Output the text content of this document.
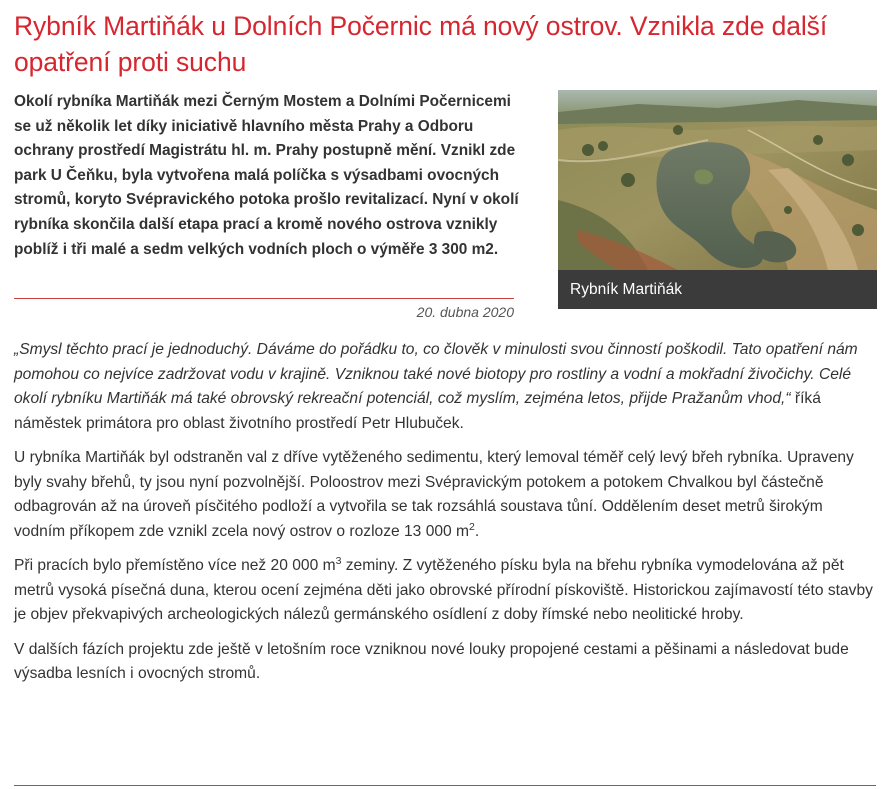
Rybník Martiňák u Dolních Počernic má nový ostrov. Vznikla zde další opatření proti suchu

Okolí rybníka Martiňák mezi Černým Mostem a Dolními Počernicemi se už několik let díky iniciativě hlavního města Prahy a Odboru ochrany prostředí Magistrátu hl. m. Prahy postupně mění. Vznikl zde park U Čeňku, byla vytvořena malá políčka s výsadbami ovocných stromů, koryto Svépravického potoka prošlo revitalizací. Nyní v okolí rybníka skončila další etapa prací a kromě nového ostrova vznikly poblíž i tři malé a sedm velkých vodních ploch o výměře 3 300 m2.

20. dubna 2020
Rybník Martiňák

„Smysl těchto prací je jednoduchý. Dáváme do pořádku to, co člověk v minulosti svou činností poškodil. Tato opatření nám pomohou co nejvíce zadržovat vodu v krajině. Vzniknou také nové biotopy pro rostliny a vodní a mokřadní živočichy. Celé okolí rybníku Martiňák má také obrovský rekreační potenciál, což myslím, zejména letos, přijde Pražanům vhod,“ říká náměstek primátora pro oblast životního prostředí Petr Hlubuček.

U rybníka Martiňák byl odstraněn val z dříve vytěženého sedimentu, který lemoval téměř celý levý břeh rybníka. Upraveny byly svahy břehů, ty jsou nyní pozvolnější. Poloostrov mezi Svépravickým potokem a potokem Chvalkou byl částečně odbagrován až na úroveň písčitého podloží a vytvořila se tak rozsáhlá soustava tůní. Oddělením deset metrů širokým vodním příkopem zde vznikl zcela nový ostrov o rozloze 13 000 $m^2$.

Při pracích bylo přemístěno více než 20 000 $m^3$ zeminy. Z vytěženého písku byla na břehu rybníka vymodelována až pět metrů vysoká písečná duna, kterou ocení zejména děti jako obrovské přírodní pískoviště. Historickou zajímavostí této stavby je objev překvapivých archeologických nálezů germánského osídlení z doby římské nebo neolitické hroby.

V dalších fázích projektu zde ještě v letošním roce vzniknou nové louky propojené cestami a pěšinami a následovat bude výsadba lesních i ovocných stromů.
